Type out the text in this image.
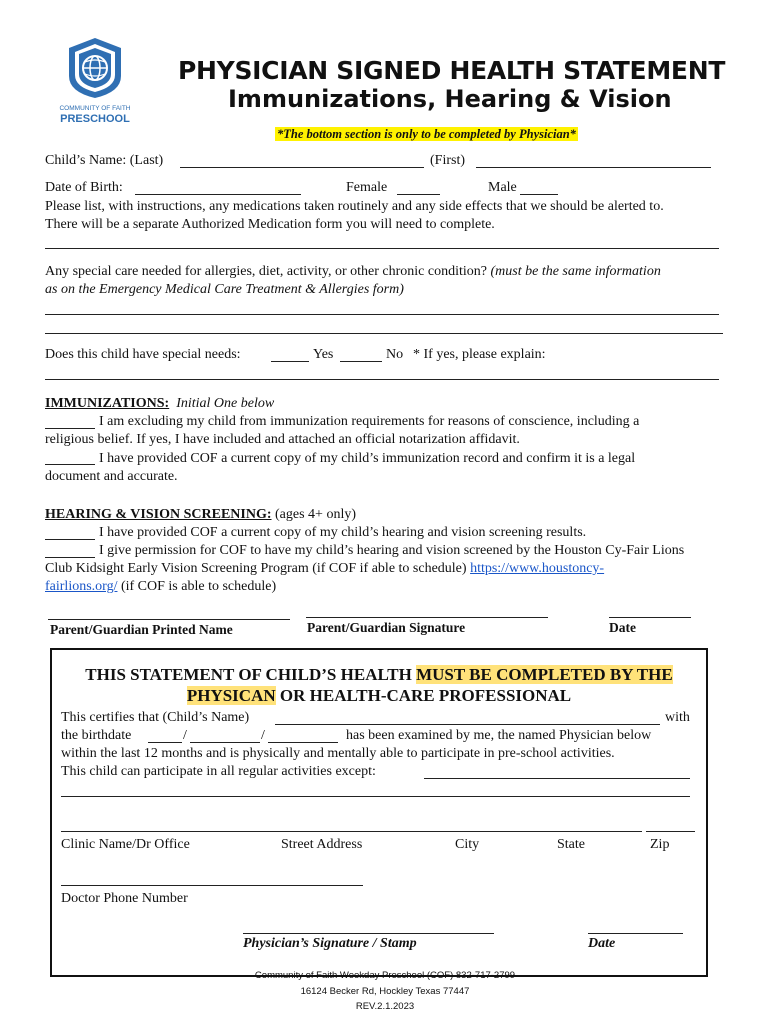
COMMUNITY OF FAITH
PRESCHOOL
PHYSICIAN SIGNED HEALTH STATEMENT
Immunizations, Hearing & Vision
*The bottom section is only to be completed by Physician*
Child’s Name: (Last)	(First)
Date of Birth:	Female	Male
Please list, with instructions, any medications taken routinely and any side effects that we should be alerted to.
There will be a separate Authorized Medication form you will need to complete.
Any special care needed for allergies, diet, activity, or other chronic condition? (must be the same information
as on the Emergency Medical Care Treatment & Allergies form)
Does this child have special needs:	Yes	No * If yes, please explain:
IMMUNIZATIONS: Initial One below
I am excluding my child from immunization requirements for reasons of conscience, including a
religious belief. If yes, I have included and attached an official notarization affidavit.
I have provided COF a current copy of my child’s immunization record and confirm it is a legal
document and accurate.
HEARING & VISION SCREENING: (ages 4+ only)
I have provided COF a current copy of my child’s hearing and vision screening results.
I give permission for COF to have my child’s hearing and vision screened by the Houston Cy-Fair Lions
Club Kidsight Early Vision Screening Program (if COF if able to schedule) https://www.houstoncy-
fairlions.org/ (if COF is able to schedule)
Parent/Guardian Printed Name	Parent/Guardian Signature	Date
THIS STATEMENT OF CHILD’S HEALTH MUST BE COMPLETED BY THE
PHYSICAN OR HEALTH-CARE PROFESSIONAL
This certifies that (Child’s Name)	with
the birthdate	/	/	has been examined by me, the named Physician below
within the last 12 months and is physically and mentally able to participate in pre-school activities.
This child can participate in all regular activities except:
Clinic Name/Dr Office	Street Address	City	State	Zip
Doctor Phone Number
Physician’s Signature / Stamp	Date
Community of Faith Weekday Preschool (COF) 832-717-2799
16124 Becker Rd, Hockley Texas 77447
REV.2.1.2023
